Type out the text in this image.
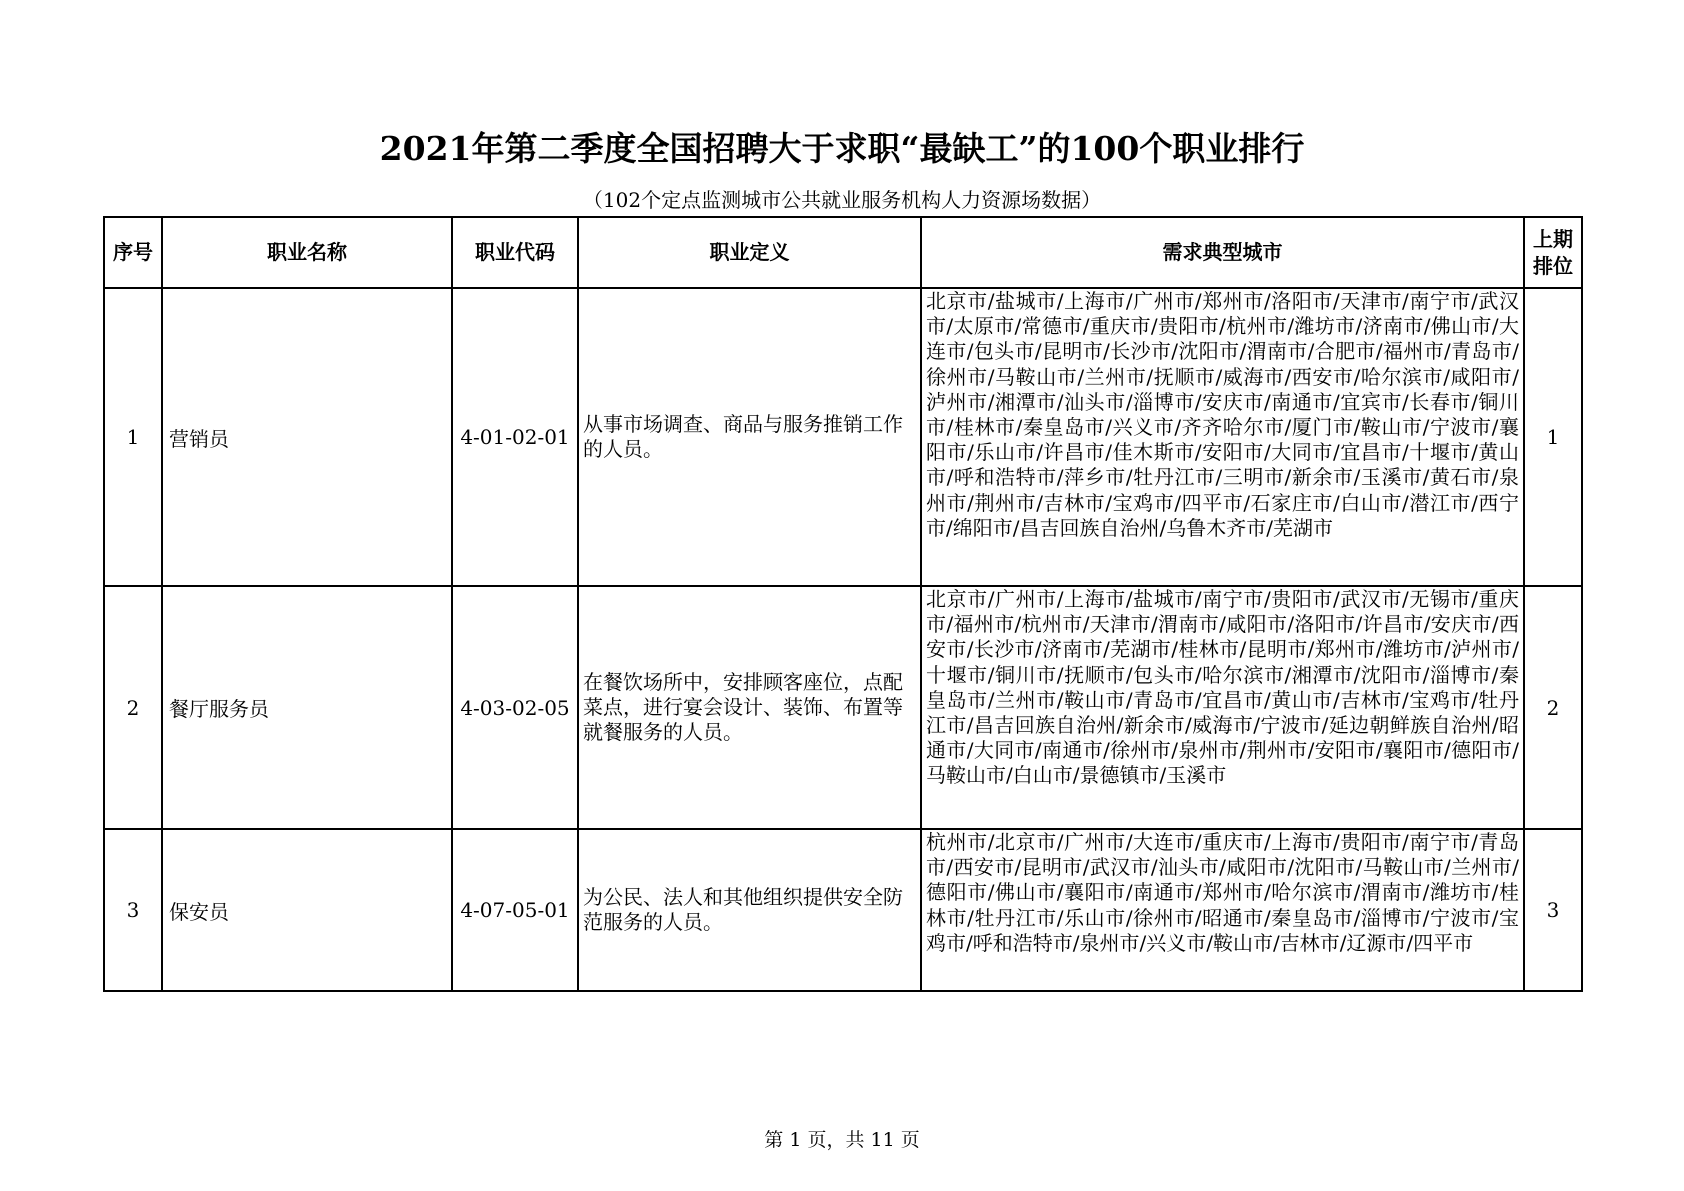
2021年第二季度全国招聘大于求职“最缺工”的100个职业排行
（102个定点监测城市公共就业服务机构人力资源场数据）
序号	职业名称	职业代码	职业定义	需求典型城市	上期排位
1	营销员	4-01-02-01	从事市场调查、商品与服务推销工作的人员。	北京市/盐城市/上海市/广州市/郑州市/洛阳市/天津市/南宁市/武汉市/太原市/常德市/重庆市/贵阳市/杭州市/潍坊市/济南市/佛山市/大连市/包头市/昆明市/长沙市/沈阳市/渭南市/合肥市/福州市/青岛市/徐州市/马鞍山市/兰州市/抚顺市/威海市/西安市/哈尔滨市/咸阳市/泸州市/湘潭市/汕头市/淄博市/安庆市/南通市/宜宾市/长春市/铜川市/桂林市/秦皇岛市/兴义市/齐齐哈尔市/厦门市/鞍山市/宁波市/襄阳市/乐山市/许昌市/佳木斯市/安阳市/大同市/宜昌市/十堰市/黄山市/呼和浩特市/萍乡市/牡丹江市/三明市/新余市/玉溪市/黄石市/泉州市/荆州市/吉林市/宝鸡市/四平市/石家庄市/白山市/潜江市/西宁市/绵阳市/昌吉回族自治州/乌鲁木齐市/芜湖市	1
2	餐厅服务员	4-03-02-05	在餐饮场所中，安排顾客座位，点配菜点，进行宴会设计、装饰、布置等就餐服务的人员。	北京市/广州市/上海市/盐城市/南宁市/贵阳市/武汉市/无锡市/重庆市/福州市/杭州市/天津市/渭南市/咸阳市/洛阳市/许昌市/安庆市/西安市/长沙市/济南市/芜湖市/桂林市/昆明市/郑州市/潍坊市/泸州市/十堰市/铜川市/抚顺市/包头市/哈尔滨市/湘潭市/沈阳市/淄博市/秦皇岛市/兰州市/鞍山市/青岛市/宜昌市/黄山市/吉林市/宝鸡市/牡丹江市/昌吉回族自治州/新余市/威海市/宁波市/延边朝鲜族自治州/昭通市/大同市/南通市/徐州市/泉州市/荆州市/安阳市/襄阳市/德阳市/马鞍山市/白山市/景德镇市/玉溪市	2
3	保安员	4-07-05-01	为公民、法人和其他组织提供安全防范服务的人员。	杭州市/北京市/广州市/大连市/重庆市/上海市/贵阳市/南宁市/青岛市/西安市/昆明市/武汉市/汕头市/咸阳市/沈阳市/马鞍山市/兰州市/德阳市/佛山市/襄阳市/南通市/郑州市/哈尔滨市/渭南市/潍坊市/桂林市/牡丹江市/乐山市/徐州市/昭通市/秦皇岛市/淄博市/宁波市/宝鸡市/呼和浩特市/泉州市/兴义市/鞍山市/吉林市/辽源市/四平市	3
第 1 页，共 11 页
